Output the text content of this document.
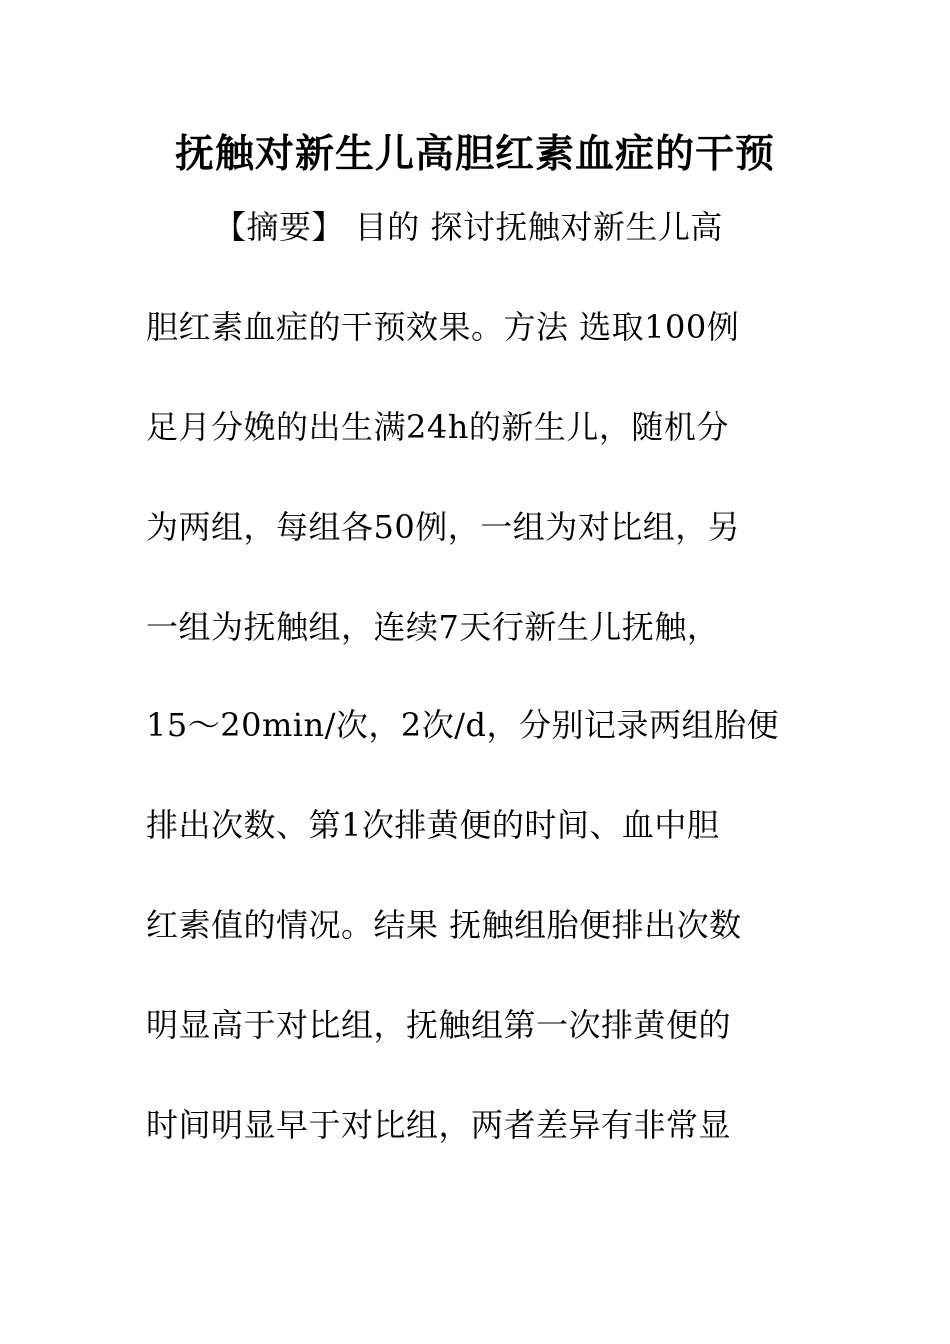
抚触对新生儿高胆红素血症的干预
【摘要】 目的 探讨抚触对新生儿高
胆红素血症的干预效果。方法 选取100例
足月分娩的出生满24h的新生儿，随机分
为两组，每组各50例，一组为对比组，另
一组为抚触组，连续7天行新生儿抚触，
15～20min/次，2次/d，分别记录两组胎便
排出次数、第1次排黄便的时间、血中胆
红素值的情况。结果 抚触组胎便排出次数
明显高于对比组，抚触组第一次排黄便的
时间明显早于对比组，两者差异有非常显
